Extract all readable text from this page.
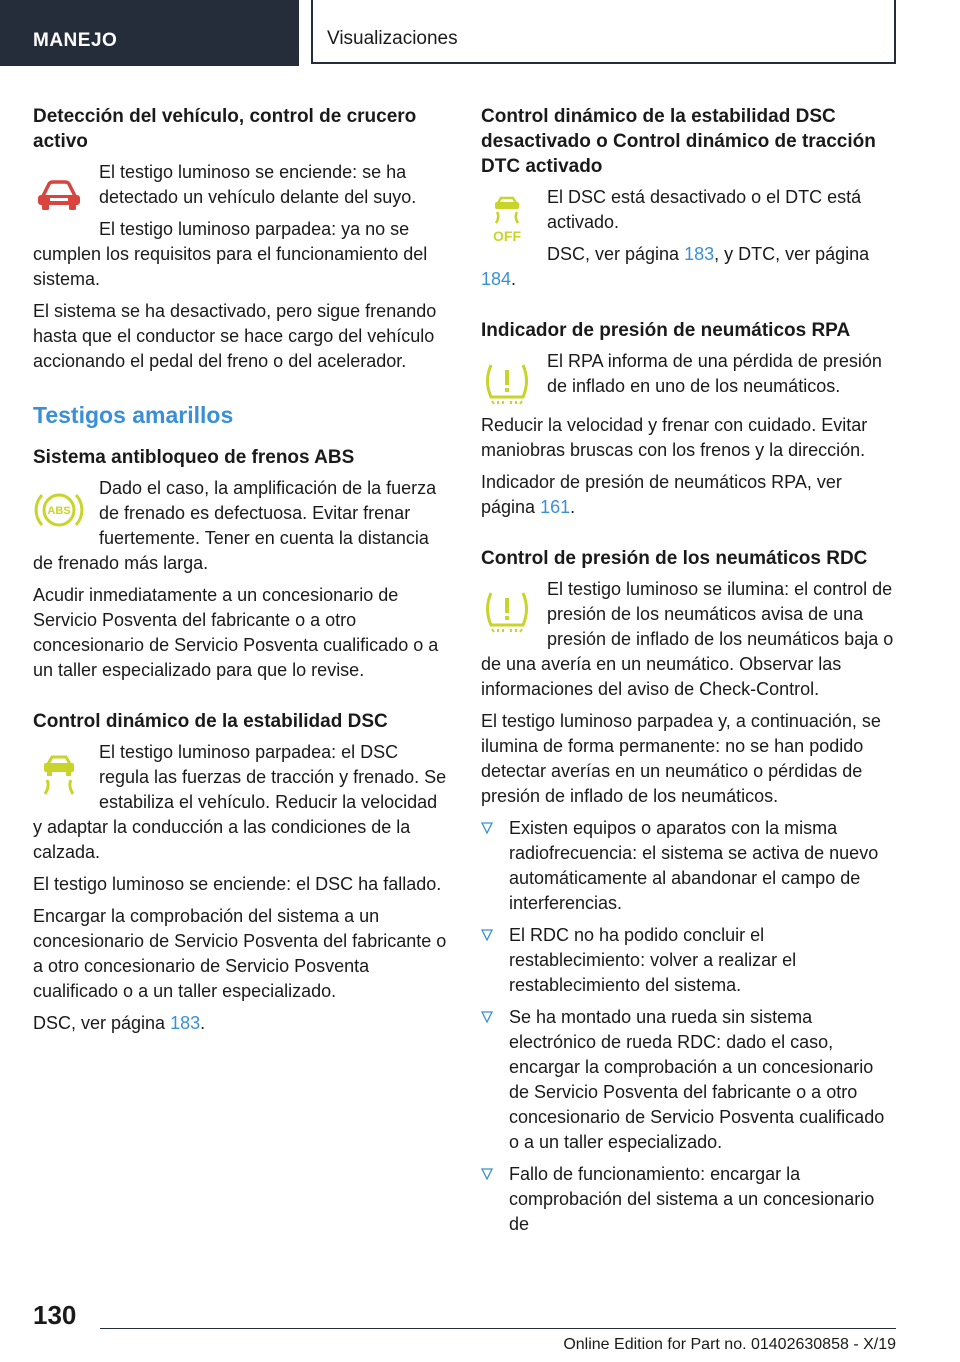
MANEJO	Visualizaciones
Detección del vehículo, control de crucero activo

El testigo luminoso se enciende: se ha detectado un vehículo delante del suyo.

El testigo luminoso parpadea: ya no se cumplen los requisitos para el funcionamiento del sistema.

El sistema se ha desactivado, pero sigue frenando hasta que el conductor se hace cargo del vehículo accionando el pedal del freno o del acelerador.

Testigos amarillos
Sistema antibloqueo de frenos ABS
ABS

Dado el caso, la amplificación de la fuerza de frenado es defectuosa. Evitar frenar fuertemente. Tener en cuenta la distancia de frenado más larga.

Acudir inmediatamente a un concesionario de Servicio Posventa del fabricante o a otro concesionario de Servicio Posventa cualificado o a un taller especializado para que lo revise.

Control dinámico de la estabilidad DSC

El testigo luminoso parpadea: el DSC regula las fuerzas de tracción y frenado. Se estabiliza el vehículo. Reducir la velocidad y adaptar la conducción a las condiciones de la calzada.

El testigo luminoso se enciende: el DSC ha fallado.

Encargar la comprobación del sistema a un concesionario de Servicio Posventa del fabricante o a otro concesionario de Servicio Posventa cualificado o a un taller especializado.

DSC, ver página 183.

Control dinámico de la estabilidad DSC desactivado o Control dinámico de tracción DTC activado
OFF

El DSC está desactivado o el DTC está activado.

DSC, ver página 183, y DTC, ver página 184.

Indicador de presión de neumáticos RPA

El RPA informa de una pérdida de presión de inflado en uno de los neumáticos.

Reducir la velocidad y frenar con cuidado. Evitar maniobras bruscas con los frenos y la dirección.

Indicador de presión de neumáticos RPA, ver página 161.

Control de presión de los neumáticos RDC

El testigo luminoso se ilumina: el control de presión de los neumáticos avisa de una presión de inflado de los neumáticos baja o de una avería en un neumático. Observar las informaciones del aviso de Check-Control.

El testigo luminoso parpadea y, a continuación, se ilumina de forma permanente: no se han podido detectar averías en un neumático o pérdidas de presión de inflado de los neumáticos.

Existen equipos o aparatos con la misma radiofrecuencia: el sistema se activa de nuevo automáticamente al abandonar el campo de interferencias.
El RDC no ha podido concluir el restablecimiento: volver a realizar el restablecimiento del sistema.
Se ha montado una rueda sin sistema electrónico de rueda RDC: dado el caso, encargar la comprobación a un concesionario de Servicio Posventa del fabricante o a otro concesionario de Servicio Posventa cualificado o a un taller especializado.
Fallo de funcionamiento: encargar la comprobación del sistema a un concesionario de
130
Online Edition for Part no. 01402630858 - X/19
